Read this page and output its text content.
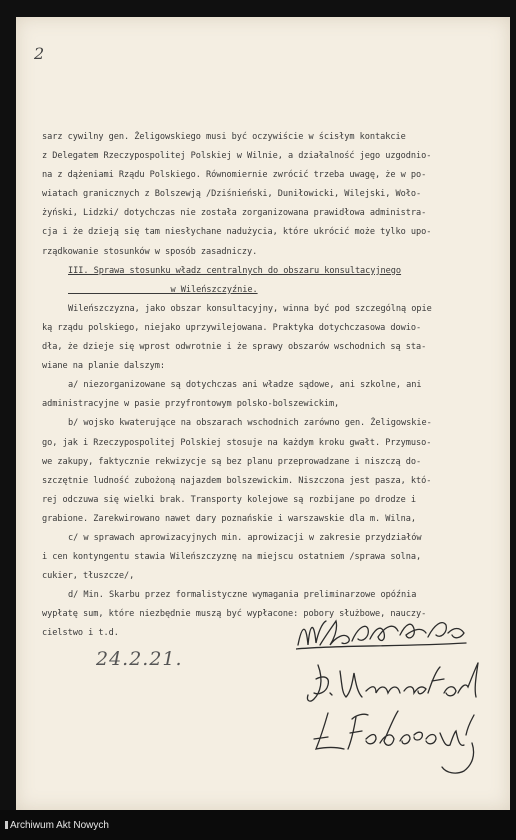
2
sarz cywilny gen. Żeligowskiego musi być oczywiście w ścisłym kontakcie
z Delegatem Rzeczypospolitej Polskiej w Wilnie, a działalność jego uzgodnio-
na z dążeniami Rządu Polskiego. Równomiernie zwrócić trzeba uwagę, że w po-
wiatach granicznych z Bolszewją /Dziśnieński, Duniłowicki, Wilejski, Woło-
żyński, Lidzki/ dotychczas nie została zorganizowana prawidłowa administra-
cja i że dzieją się tam niesłychane nadużycia, które ukrócić może tylko upo-
rządkowanie stosunków w sposób zasadniczy.
III. Sprawa stosunku władz centralnych do obszaru konsultacyjnego
w Wileńszczyźnie.
Wileńszczyzna, jako obszar konsultacyjny, winna być pod szczególną opie
ką rządu polskiego, niejako uprzywilejowana. Praktyka dotychczasowa dowio-
dła, że dzieje się wprost odwrotnie i że sprawy obszarów wschodnich są sta-
wiane na planie dalszym:
a/ niezorganizowane są dotychczas ani władze sądowe, ani szkolne, ani
administracyjne w pasie przyfrontowym polsko-bolszewickim,
b/ wojsko kwaterujące na obszarach wschodnich zarówno gen. Żeligowskie-
go, jak i Rzeczypospolitej Polskiej stosuje na każdym kroku gwałt. Przymuso-
we zakupy, faktycznie rekwizycje są bez planu przeprowadzane i niszczą do-
szczętnie ludność zubożoną najazdem bolszewickim. Niszczona jest pasza, któ-
rej odczuwa się wielki brak. Transporty kolejowe są rozbijane po drodze i
grabione. Zarekwirowano nawet dary poznańskie i warszawskie dla m. Wilna,
c/ w sprawach aprowizacyjnych min. aprowizacji w zakresie przydziałów
i cen kontyngentu stawia Wileńszczyznę na miejscu ostatniem /sprawa solna,
cukier, tłuszcze/,
d/ Min. Skarbu przez formalistyczne wymagania preliminarzowe opóźnia
wypłatę sum, które niezbędnie muszą być wypłacone: pobory służbowe, nauczy-
cielstwo i t.d.
24.2.21.
Archiwum Akt Nowych
